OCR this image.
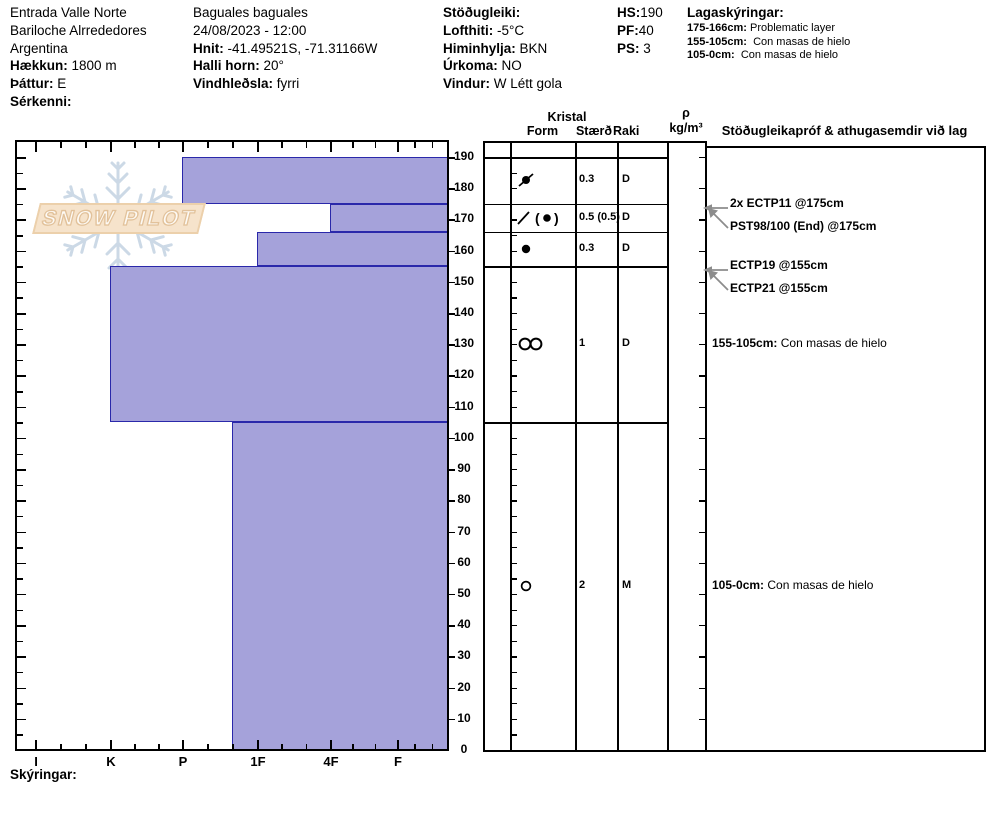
Entrada Valle Norte
Bariloche Alrrededores
Argentina
Hækkun: 1800 m
Þáttur: E
Sérkenni:
Baguales baguales
24/08/2023 - 12:00
Hnit: -41.49521S, -71.31166W
Halli horn: 20°
Vindhleðsla: fyrri
Stöðugleiki:
Lofthiti: -5°C
Himinhylja: BKN
Úrkoma: NO
Vindur: W Létt gola
HS:190
PF:40
PS: 3
Lagaskýringar:
175-166cm: Problematic layer
155-105cm: Con masas de hielo
105-0cm: Con masas de hielo
SNOW PILOT
Kristal
Form	Stærð Raki
ρ
kg/m³	Stöðugleikapróf & athugasemdir við lag
Skýringar:
190
180
170
160
150
140
130
120
110
100
90
80
70
60
50
40
30
20
10
0
I	K	P	1F	4F	F
0.3	D
( ) 0.5 (0.5) D
0.3	D
1	D
2	M
2x ECTP11 @175cm
PST98/100 (End) @175cm
ECTP19 @155cm
ECTP21 @155cm
155-105cm: Con masas de hielo
105-0cm: Con masas de hielo
